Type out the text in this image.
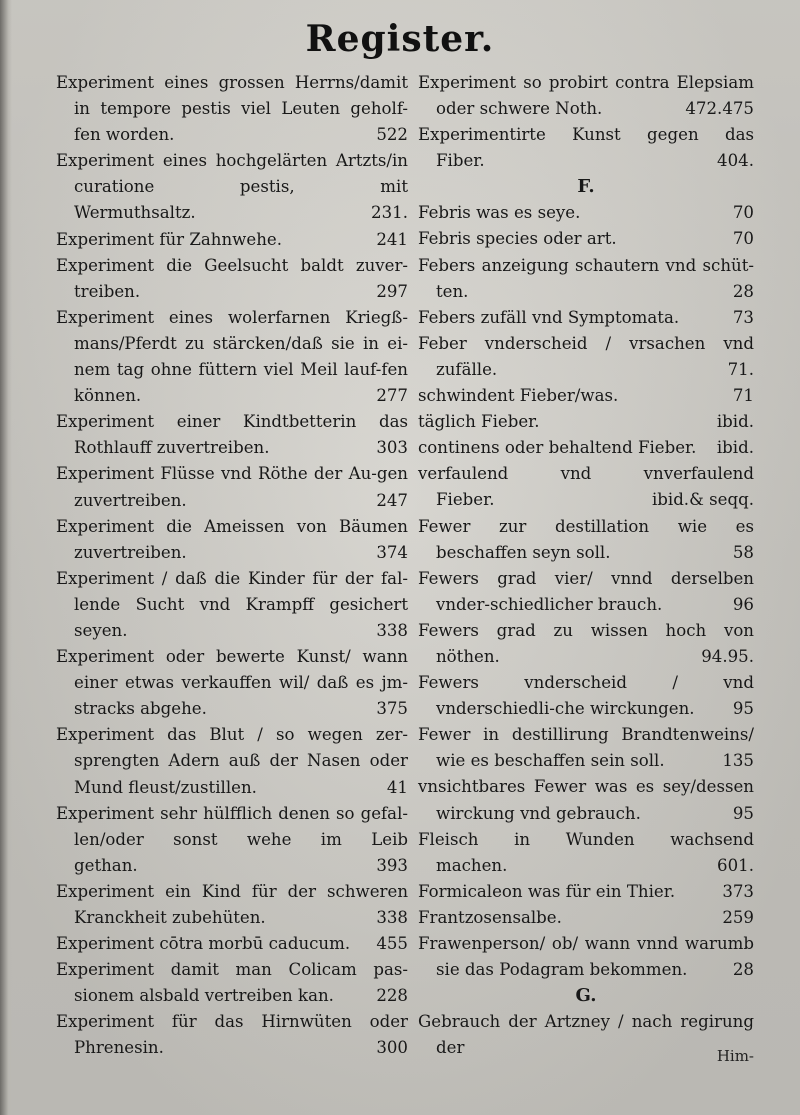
Register.
Experiment eines grossen Herrns/damit in tempore pestis viel Leuten geholf-fen worden.	522
Experiment eines hochgelärten Artzts/in curatione pestis, mit Wermuthsaltz.	231.
Experiment für Zahnwehe.	241
Experiment die Geelsucht baldt zuver-treiben.	297
Experiment eines wolerfarnen Kriegß-mans/Pferdt zu stärcken/daß sie in ei-nem tag ohne füttern viel Meil lauf-fen können.	277
Experiment einer Kindtbetterin das Rothlauff zuvertreiben.	303
Experiment Flüsse vnd Röthe der Au-gen zuvertreiben.	247
Experiment die Ameissen von Bäumen zuvertreiben.	374
Experiment / daß die Kinder für der fal-lende Sucht vnd Krampff gesichert seyen.	338
Experiment oder bewerte Kunst/ wann einer etwas verkauffen wil/ daß es jm-stracks abgehe.	375
Experiment das Blut / so wegen zer-sprengten Adern auß der Nasen oder Mund fleust/zustillen.	41
Experiment sehr hülfflich denen so gefal-len/oder sonst wehe im Leib gethan.	393
Experiment ein Kind für der schweren Kranckheit zubehüten.	338
Experiment cōtra morbū caducum. 455
Experiment damit man Colicam pas-sionem alsbald vertreiben kan.	228
Experiment für das Hirnwüten oder Phrenesin.	300
Experiment so probirt contra Elepsiam oder schwere Noth.	472.475
Experimentirte Kunst gegen das Fiber.	404.
F.
Febris was es seye.	70
Febris species oder art.	70
Febers anzeigung schautern vnd schüt-ten.	28
Febers zufäll vnd Symptomata.	73
Feber vnderscheid / vrsachen vnd zufälle.	71.
schwindent Fieber/was.	71
täglich Fieber.	ibid.
continens oder behaltend Fieber. ibid.
verfaulend vnd vnverfaulend Fieber.	ibid.& seqq.
Fewer zur destillation wie es beschaffen seyn soll.	58
Fewers grad vier/ vnnd derselben vnder-schiedlicher brauch.	96
Fewers grad zu wissen hoch von nöthen.	94.95.
Fewers vnderscheid / vnd vnderschiedli-che wirckungen. 95
Fewer in destillirung Brandtenweins/ wie es beschaffen sein soll.	135
vnsichtbares Fewer was es sey/dessen wirckung vnd gebrauch.	95
Fleisch in Wunden wachsend machen.	601.
Formicaleon was für ein Thier.	373
Frantzosensalbe.	259
Frawenperson/ ob/ wann vnnd warumb sie das Podagram bekommen.	28
G.
Gebrauch der Artzney / nach regirung der	Him-
